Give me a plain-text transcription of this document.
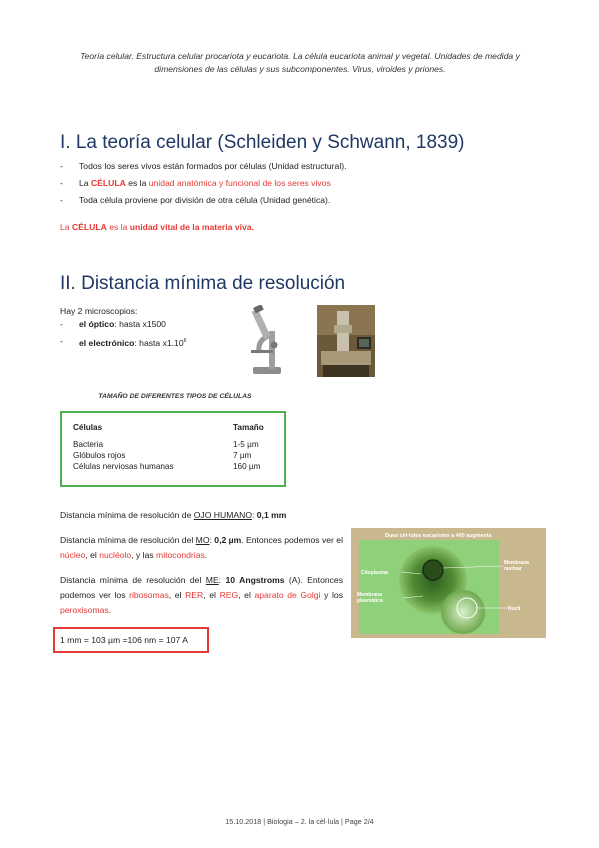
Teoría celular. Estructura celular procariota y eucariota. La célula eucariota animal y vegetal. Unidades de medida y dimensiones de las células y sus subcomponentes. Virus, viroides y priones.
I. La teoría celular (Schleiden y Schwann, 1839)
-	Todos los seres vivos están formados por células (Unidad estructural).
-	La CÉLULA es la unidad anatómica y funcional de los seres vivos
-	Toda célula proviene por división de otra célula (Unidad genética).
La CÉLULA es la unidad vital de la materia viva.
II. Distancia mínima de resolución
Hay 2 microscopios:
-	el óptico: hasta x1500
-	el electrónico: hasta x1.10$^6$
TAMAÑO DE DIFERENTES TIPOS DE CÉLULAS
Células	Tamaño
Bacteria	1-5 µm
Glóbulos rojos	7 µm
Células nerviosas humanas	160 µm
Distancia mínima de resolución de OJO HUMANO: 0,1 mm
Distancia mínima de resolución del MO: 0,2 µm. Entonces podemos ver el núcleo, el nucléolo, y las mitocondrias.
Distancia mínima de resolución del ME: 10 Angstroms (A). Entonces podemos ver los ribosomas, el RER, el REG, el aparato de Golgi y los peroxisomas.
1 mm = 103 µm =106 nm = 107 A
Dues cèl·lules eucariotes a 400 augments
Citoplasma
Membrana nuclear
Membrana plasmàtica
Nucli
15.10.2018 | Biologia – 2. la cèl·lula | Page 2/4
